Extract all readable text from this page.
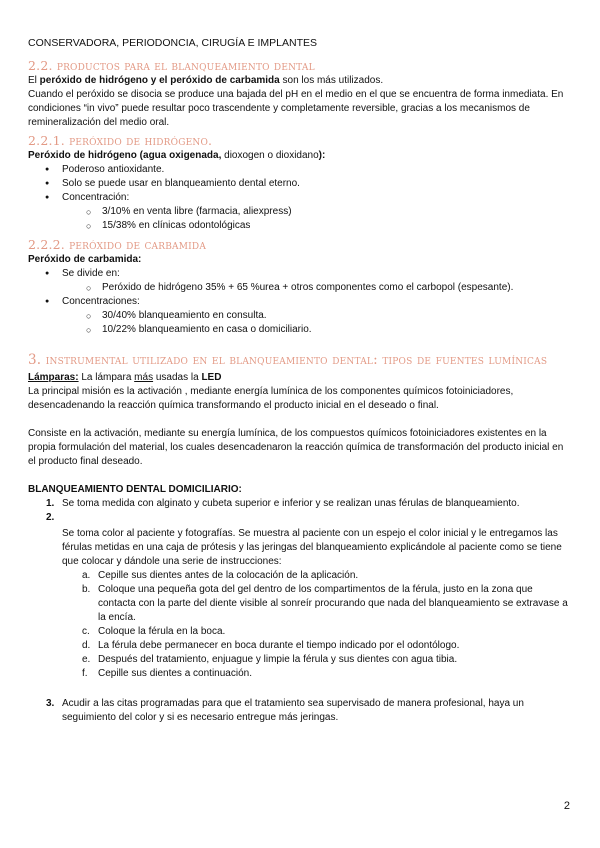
CONSERVADORA, PERIODONCIA, CIRUGÍA E IMPLANTES

2.2. productos para el blanqueamiento dental

El peróxido de hidrógeno y el peróxido de carbamida son los más utilizados.

Cuando el peróxido se disocia se produce una bajada del pH en el medio en el que se encuentra de forma inmediata. En condiciones “in vivo” puede resultar poco trascendente y completamente reversible, gracias a los mecanismos de remineralización del medio oral.

2.2.1. peróxido de hidrógeno.

Peróxido de hidrógeno (agua oxigenada, dioxogen o dioxidano):

● Poderoso antioxidante.
● Solo se puede usar en blanqueamiento dental eterno.
● Concentración:
○ 3/10% en venta libre (farmacia, aliexpress)
○ 15/38% en clínicas odontológicas

2.2.2. peróxido de carbamida

Peróxido de carbamida:

● Se divide en:
○ Peróxido de hidrógeno 35% + 65 %urea + otros componentes como el carbopol (espesante).
● Concentraciones:
○ 30/40% blanqueamiento en consulta.
○ 10/22% blanqueamiento en casa o domiciliario.

3. instrumental utilizado en el blanqueamiento dental: tipos de fuentes lumínicas

Lámparas: La lámpara más usadas la LED

La principal misión es la activación , mediante energía lumínica de los componentes químicos fotoiniciadores, desencadenando la reacción química transformando el producto inicial en el deseado o final.

Consiste en la activación, mediante su energía lumínica, de los compuestos químicos fotoiniciadores existentes en la propia formulación del material, los cuales desencadenaron la reacción química de transformación del producto inicial en el producto final deseado.

BLANQUEAMIENTO DENTAL DOMICILIARIO:

1. Se toma medida con alginato y cubeta superior e inferior y se realizan unas férulas de blanqueamiento.
2.

Se toma color al paciente y fotografías. Se muestra al paciente con un espejo el color inicial y le entregamos las férulas metidas en una caja de prótesis y las jeringas del blanqueamiento explicándole al paciente como se tiene que colocar y dándole una serie de instrucciones:
a. Cepille sus dientes antes de la colocación de la aplicación.
b. Coloque una pequeña gota del gel dentro de los compartimentos de la férula, justo en la zona que contacta con la parte del diente visible al sonreír procurando que nada del blanqueamiento se extravase a la encía.
c. Coloque la férula en la boca.
d. La férula debe permanecer en boca durante el tiempo indicado por el odontólogo.
e. Después del tratamiento, enjuague y limpie la férula y sus dientes con agua tibia.
f. Cepille sus dientes a continuación.
3. Acudir a las citas programadas para que el tratamiento sea supervisado de manera profesional, haya un seguimiento del color y si es necesario entregue más jeringas.
2
